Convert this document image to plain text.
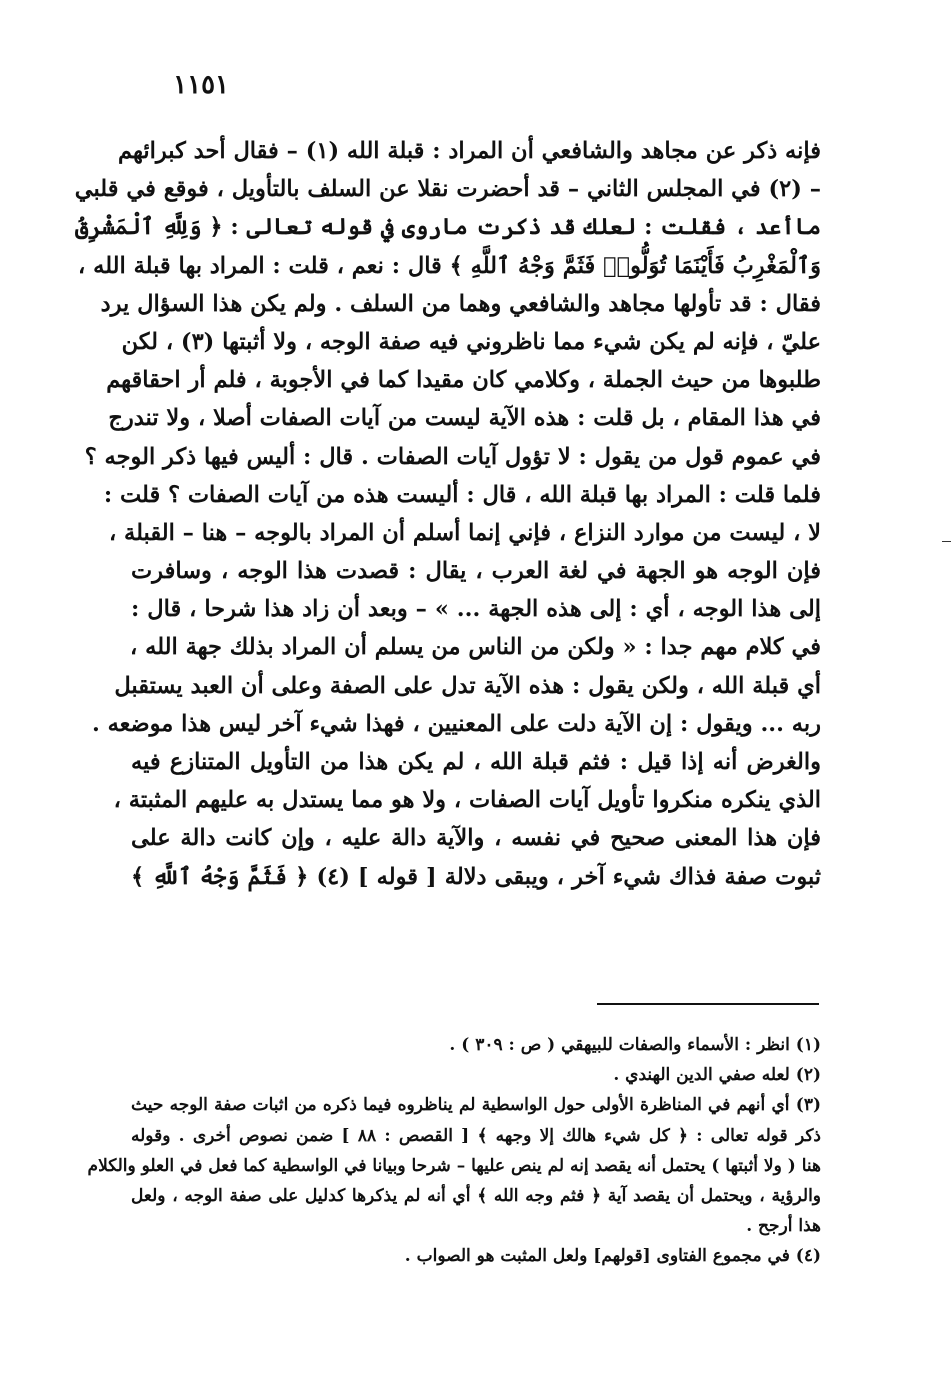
١١٥١
فإنه ذكر عن مجاهد والشافعي أن المراد : قبلة الله (١) – فقال أحد كبرائهم
– (٢) في المجلس الثاني – قد أحضرت نقلا عن السلف بالتأويل ، فوقع في قلبي
ماأعد ، فقلت : لعلك قد ذكرت ماروى في قوله تعالى : ﴿ وَلِلَّهِ ٱلْمَشْرِقُ
وَٱلْمَغْرِبُ فَأَيْنَمَا تُوَلُّوا۟ فَثَمَّ وَجْهُ ٱللَّهِ ﴾ قال : نعم ، قلت : المراد بها قبلة الله ،
فقال : قد تأولها مجاهد والشافعي وهما من السلف . ولم يكن هذا السؤال يرد
عليّ ، فإنه لم يكن شيء مما ناظروني فيه صفة الوجه ، ولا أثبتها (٣) ، لكن
طلبوها من حيث الجملة ، وكلامي كان مقيدا كما في الأجوبة ، فلم أر احقاقهم
في هذا المقام ، بل قلت : هذه الآية ليست من آيات الصفات أصلا ، ولا تندرج
في عموم قول من يقول : لا تؤول آيات الصفات . قال : أليس فيها ذكر الوجه ؟
فلما قلت : المراد بها قبلة الله ، قال : أليست هذه من آيات الصفات ؟ قلت :
لا ، ليست من موارد النزاع ، فإني إنما أسلم أن المراد بالوجه – هنا – القبلة ،
فإن الوجه هو الجهة في لغة العرب ، يقال : قصدت هذا الوجه ، وسافرت
إلى هذا الوجه ، أي : إلى هذه الجهة ... » – وبعد أن زاد هذا شرحا ، قال :
في كلام مهم جدا : « ولكن من الناس من يسلم أن المراد بذلك جهة الله ،
أي قبلة الله ، ولكن يقول : هذه الآية تدل على الصفة وعلى أن العبد يستقبل
ربه ... ويقول : إن الآية دلت على المعنيين ، فهذا شيء آخر ليس هذا موضعه .
والغرض أنه إذا قيل : فثم قبلة الله ، لم يكن هذا من التأويل المتنازع فيه
الذي ينكره منكروا تأويل آيات الصفات ، ولا هو مما يستدل به عليهم المثبتة ،
فإن هذا المعنى صحيح في نفسه ، والآية دالة عليه ، وإن كانت دالة على
ثبوت صفة فذاك شيء آخر ، ويبقى دلالة [ قوله ] (٤) ﴿ فَثَمَّ وَجْهُ ٱللَّهِ ﴾
(١) انظر : الأسماء والصفات للبيهقي ( ص : ٣٠٩ ) .
(٢) لعله صفي الدين الهندي .
(٣) أي أنهم في المناظرة الأولى حول الواسطية لم يناظروه فيما ذكره من اثبات صفة الوجه حيث
ذكر قوله تعالى : ﴿ كل شيء هالك إلا وجهه ﴾ [ القصص : ٨٨ ] ضمن نصوص أخرى . وقوله
هنا ( ولا أثبتها ) يحتمل أنه يقصد إنه لم ينص عليها – شرحا وبيانا في الواسطية كما فعل في العلو والكلام
والرؤية ، ويحتمل أن يقصد آية ﴿ فثم وجه الله ﴾ أي أنه لم يذكرها كدليل على صفة الوجه ، ولعل
هذا أرجح .
(٤) في مجموع الفتاوى [قولهم] ولعل المثبت هو الصواب .
